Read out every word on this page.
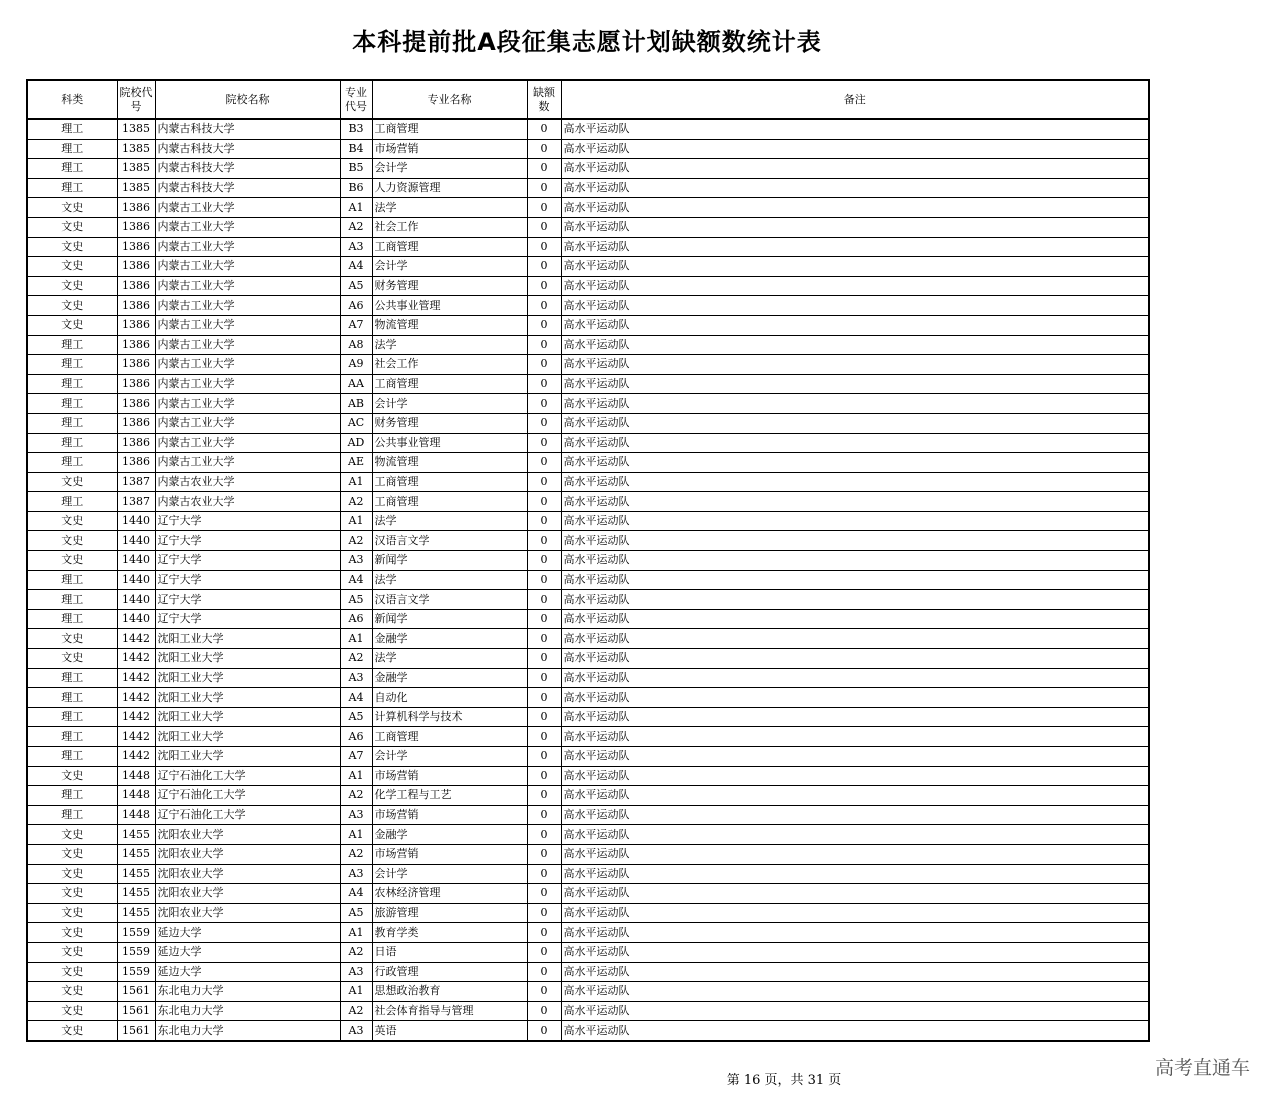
本科提前批A段征集志愿计划缺额数统计表
科类	院校代号	院校名称	专业代号	专业名称	缺额数	备注
理工	1385	内蒙古科技大学	B3	工商管理	0	高水平运动队
理工	1385	内蒙古科技大学	B4	市场营销	0	高水平运动队
理工	1385	内蒙古科技大学	B5	会计学	0	高水平运动队
理工	1385	内蒙古科技大学	B6	人力资源管理	0	高水平运动队
文史	1386	内蒙古工业大学	A1	法学	0	高水平运动队
文史	1386	内蒙古工业大学	A2	社会工作	0	高水平运动队
文史	1386	内蒙古工业大学	A3	工商管理	0	高水平运动队
文史	1386	内蒙古工业大学	A4	会计学	0	高水平运动队
文史	1386	内蒙古工业大学	A5	财务管理	0	高水平运动队
文史	1386	内蒙古工业大学	A6	公共事业管理	0	高水平运动队
文史	1386	内蒙古工业大学	A7	物流管理	0	高水平运动队
理工	1386	内蒙古工业大学	A8	法学	0	高水平运动队
理工	1386	内蒙古工业大学	A9	社会工作	0	高水平运动队
理工	1386	内蒙古工业大学	AA	工商管理	0	高水平运动队
理工	1386	内蒙古工业大学	AB	会计学	0	高水平运动队
理工	1386	内蒙古工业大学	AC	财务管理	0	高水平运动队
理工	1386	内蒙古工业大学	AD	公共事业管理	0	高水平运动队
理工	1386	内蒙古工业大学	AE	物流管理	0	高水平运动队
文史	1387	内蒙古农业大学	A1	工商管理	0	高水平运动队
理工	1387	内蒙古农业大学	A2	工商管理	0	高水平运动队
文史	1440	辽宁大学	A1	法学	0	高水平运动队
文史	1440	辽宁大学	A2	汉语言文学	0	高水平运动队
文史	1440	辽宁大学	A3	新闻学	0	高水平运动队
理工	1440	辽宁大学	A4	法学	0	高水平运动队
理工	1440	辽宁大学	A5	汉语言文学	0	高水平运动队
理工	1440	辽宁大学	A6	新闻学	0	高水平运动队
文史	1442	沈阳工业大学	A1	金融学	0	高水平运动队
文史	1442	沈阳工业大学	A2	法学	0	高水平运动队
理工	1442	沈阳工业大学	A3	金融学	0	高水平运动队
理工	1442	沈阳工业大学	A4	自动化	0	高水平运动队
理工	1442	沈阳工业大学	A5	计算机科学与技术	0	高水平运动队
理工	1442	沈阳工业大学	A6	工商管理	0	高水平运动队
理工	1442	沈阳工业大学	A7	会计学	0	高水平运动队
文史	1448	辽宁石油化工大学	A1	市场营销	0	高水平运动队
理工	1448	辽宁石油化工大学	A2	化学工程与工艺	0	高水平运动队
理工	1448	辽宁石油化工大学	A3	市场营销	0	高水平运动队
文史	1455	沈阳农业大学	A1	金融学	0	高水平运动队
文史	1455	沈阳农业大学	A2	市场营销	0	高水平运动队
文史	1455	沈阳农业大学	A3	会计学	0	高水平运动队
文史	1455	沈阳农业大学	A4	农林经济管理	0	高水平运动队
文史	1455	沈阳农业大学	A5	旅游管理	0	高水平运动队
文史	1559	延边大学	A1	教育学类	0	高水平运动队
文史	1559	延边大学	A2	日语	0	高水平运动队
文史	1559	延边大学	A3	行政管理	0	高水平运动队
文史	1561	东北电力大学	A1	思想政治教育	0	高水平运动队
文史	1561	东北电力大学	A2	社会体育指导与管理	0	高水平运动队
文史	1561	东北电力大学	A3	英语	0	高水平运动队
第 16 页，共 31 页
高考直通车
